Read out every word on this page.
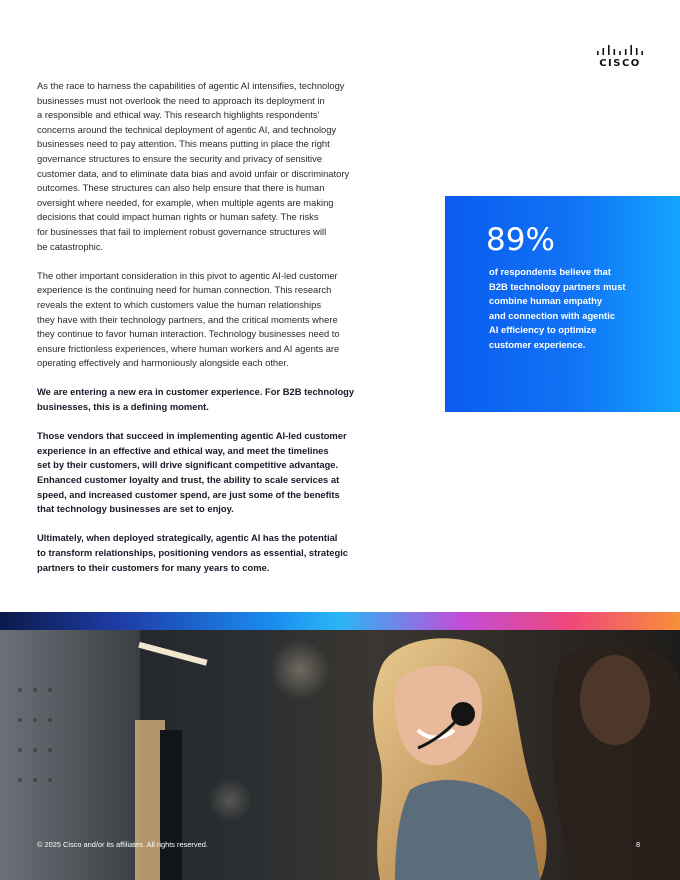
CISCO

As the race to harness the capabilities of agentic AI intensifies, technology
businesses must not overlook the need to approach its deployment in
a responsible and ethical way. This research highlights respondents’
concerns around the technical deployment of agentic AI, and technology
businesses need to pay attention. This means putting in place the right
governance structures to ensure the security and privacy of sensitive
customer data, and to eliminate data bias and avoid unfair or discriminatory
outcomes. These structures can also help ensure that there is human
oversight where needed, for example, when multiple agents are making
decisions that could impact human rights or human safety. The risks
for businesses that fail to implement robust governance structures will
be catastrophic.

The other important consideration in this pivot to agentic AI-led customer
experience is the continuing need for human connection. This research
reveals the extent to which customers value the human relationships
they have with their technology partners, and the critical moments where
they continue to favor human interaction. Technology businesses need to
ensure frictionless experiences, where human workers and AI agents are
operating effectively and harmoniously alongside each other.

We are entering a new era in customer experience. For B2B technology
businesses, this is a defining moment.

Those vendors that succeed in implementing agentic AI-led customer
experience in an effective and ethical way, and meet the timelines
set by their customers, will drive significant competitive advantage.
Enhanced customer loyalty and trust, the ability to scale services at
speed, and increased customer spend, are just some of the benefits
that technology businesses are set to enjoy.

Ultimately, when deployed strategically, agentic AI has the potential
to transform relationships, positioning vendors as essential, strategic
partners to their customers for many years to come.

89%
of respondents believe that
B2B technology partners must
combine human empathy
and connection with agentic
AI efficiency to optimize
customer experience.
© 2025 Cisco and/or its affiliates. All rights reserved.	8
